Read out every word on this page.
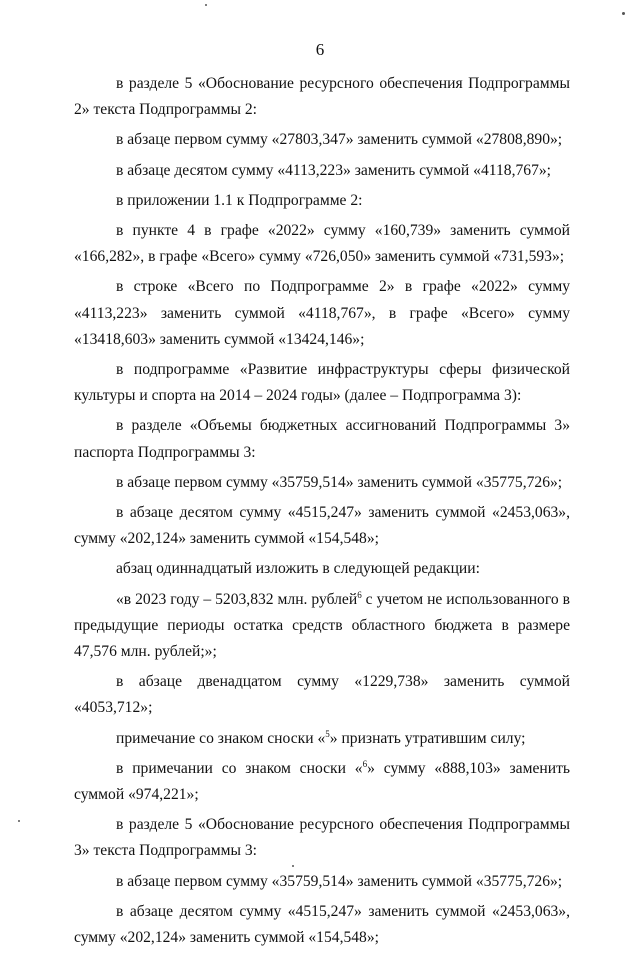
6

в разделе 5 «Обоснование ресурсного обеспечения Подпрограммы 2» текста Подпрограммы 2:

в абзаце первом сумму «27803,347» заменить суммой «27808,890»;

в абзаце десятом сумму «4113,223» заменить суммой «4118,767»;

в приложении 1.1 к Подпрограмме 2:

в пункте 4 в графе «2022» сумму «160,739» заменить суммой «166,282», в графе «Всего» сумму «726,050» заменить суммой «731,593»;

в строке «Всего по Подпрограмме 2» в графе «2022» сумму «4113,223» заменить суммой «4118,767», в графе «Всего» сумму «13418,603» заменить суммой «13424,146»;

в подпрограмме «Развитие инфраструктуры сферы физической культуры и спорта на 2014 – 2024 годы» (далее – Подпрограмма 3):

в разделе «Объемы бюджетных ассигнований Подпрограммы 3» паспорта Подпрограммы 3:

в абзаце первом сумму «35759,514» заменить суммой «35775,726»;

в абзаце десятом сумму «4515,247» заменить суммой «2453,063», сумму «202,124» заменить суммой «154,548»;

абзац одиннадцатый изложить в следующей редакции:

«в 2023 году – 5203,832 млн. рублей$^6$ с учетом не использованного в предыдущие периоды остатка средств областного бюджета в размере 47,576 млн. рублей;»;

в абзаце двенадцатом сумму «1229,738» заменить суммой «4053,712»;

примечание со знаком сноски «$^5$» признать утратившим силу;

в примечании со знаком сноски «$^6$» сумму «888,103» заменить суммой «974,221»;

в разделе 5 «Обоснование ресурсного обеспечения Подпрограммы 3» текста Подпрограммы 3:

в абзаце первом сумму «35759,514» заменить суммой «35775,726»;

в абзаце десятом сумму «4515,247» заменить суммой «2453,063», сумму «202,124» заменить суммой «154,548»;
